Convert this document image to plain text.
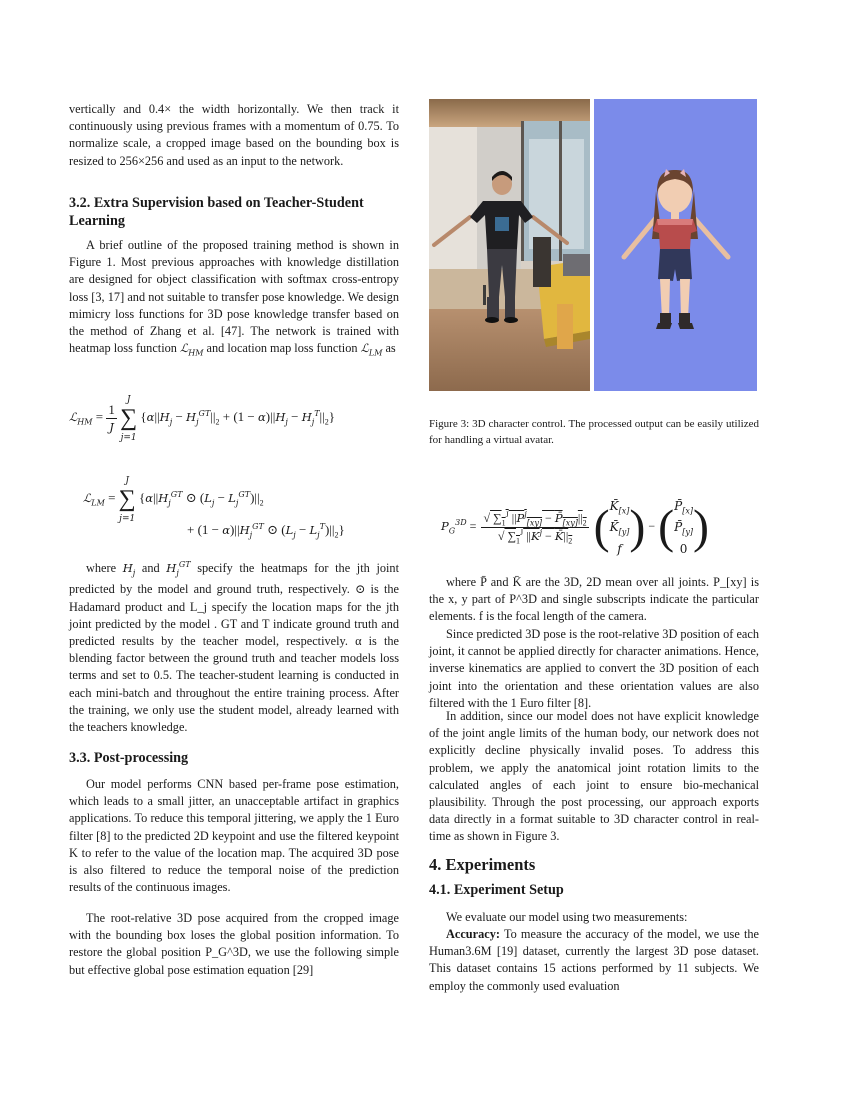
vertically and 0.4× the width horizontally. We then track it continuously using previous frames with a momentum of 0.75. To normalize scale, a cropped image based on the bounding box is resized to 256×256 and used as an input to the network.
3.2. Extra Supervision based on Teacher-Student Learning
A brief outline of the proposed training method is shown in Figure 1. Most previous approaches with knowledge distillation are designed for object classification with softmax cross-entropy loss [3, 17] and not suitable to transfer pose knowledge. We design mimicry loss functions for 3D pose knowledge transfer based on the method of Zhang et al. [47]. The network is trained with heatmap loss function ℒ$_{HM}$ and location map loss function ℒ$_{LM}$ as
ℒ$_{HM}$ = $\frac{1}{J}$
J
∑
j=1 $\{\alpha||H_j - H_j^{GT}||_2 + (1 - \alpha)||H_j - H_j^T||_2\}$
ℒ$_{LM}$ = J
∑
j=1 {$\alpha||H_j^{GT}$ ⊙ $(L_j - L_j^{GT})||_2$
+ $(1 - \alpha)||H_j^{GT}$ ⊙ $(L_j - L_j^T)||_2$}
where $H_j$ and $H_j^{GT}$ specify the heatmaps for the jth joint predicted by the model and ground truth, respectively. ⊙ is the Hadamard product and L_j specify the location maps for the jth joint predicted by the model . GT and T indicate ground truth and predicted results by the teacher model, respectively. α is the blending factor between the ground truth and teacher models loss terms and set to 0.5. The teacher-student learning is conducted in each mini-batch and throughout the entire training process. After the training, we only use the student model, already learned with the teachers knowledge.
3.3. Post-processing
Our model performs CNN based per-frame pose estimation, which leads to a small jitter, an unacceptable artifact in graphics applications. To reduce this temporal jittering, we apply the 1 Euro filter [8] to the predicted 2D keypoint and use the filtered keypoint K to refer to the value of the location map. The acquired 3D pose is also filtered to reduce the temporal noise of the prediction results of the continuous images.
The root-relative 3D pose acquired from the cropped image with the bounding box loses the global position information. To restore the global position P_G^3D, we use the following simple but effective global pose estimation equation [29]
Figure 3: 3D character control. The processed output can be easily utilized for handling a virtual avatar.
$P_G^{3D} = \frac{√ \sum_1^J ||P^j_{[xy]} - P̄_{[xy]}||_2}{√ \sum_1^J ||K^j - K̄||_2}$ ($K̄_{[x]}$
$K̄_{[y]}$
f ) − ($P̄_{[x]}$
$P̄_{[y]}$
0 )
where P̄ and K̄ are the 3D, 2D mean over all joints. P_[xy] is the x, y part of P^3D and single subscripts indicate the particular elements. f is the focal length of the camera.
Since predicted 3D pose is the root-relative 3D position of each joint, it cannot be applied directly for character animations. Hence, inverse kinematics are applied to convert the 3D position of each joint into the orientation and these orientation values are also filtered with the 1 Euro filter [8].
In addition, since our model does not have explicit knowledge of the joint angle limits of the human body, our network does not explicitly decline physically invalid poses. To address this problem, we apply the anatomical joint rotation limits to the calculated angles of each joint to ensure bio-mechanical plausibility. Through the post processing, our approach exports data directly in a format suitable to 3D character control in real-time as shown in Figure 3.
4. Experiments
4.1. Experiment Setup
We evaluate our model using two measurements:
Accuracy: To measure the accuracy of the model, we use the Human3.6M [19] dataset, currently the largest 3D pose dataset. This dataset contains 15 actions performed by 11 subjects. We employ the commonly used evaluation
